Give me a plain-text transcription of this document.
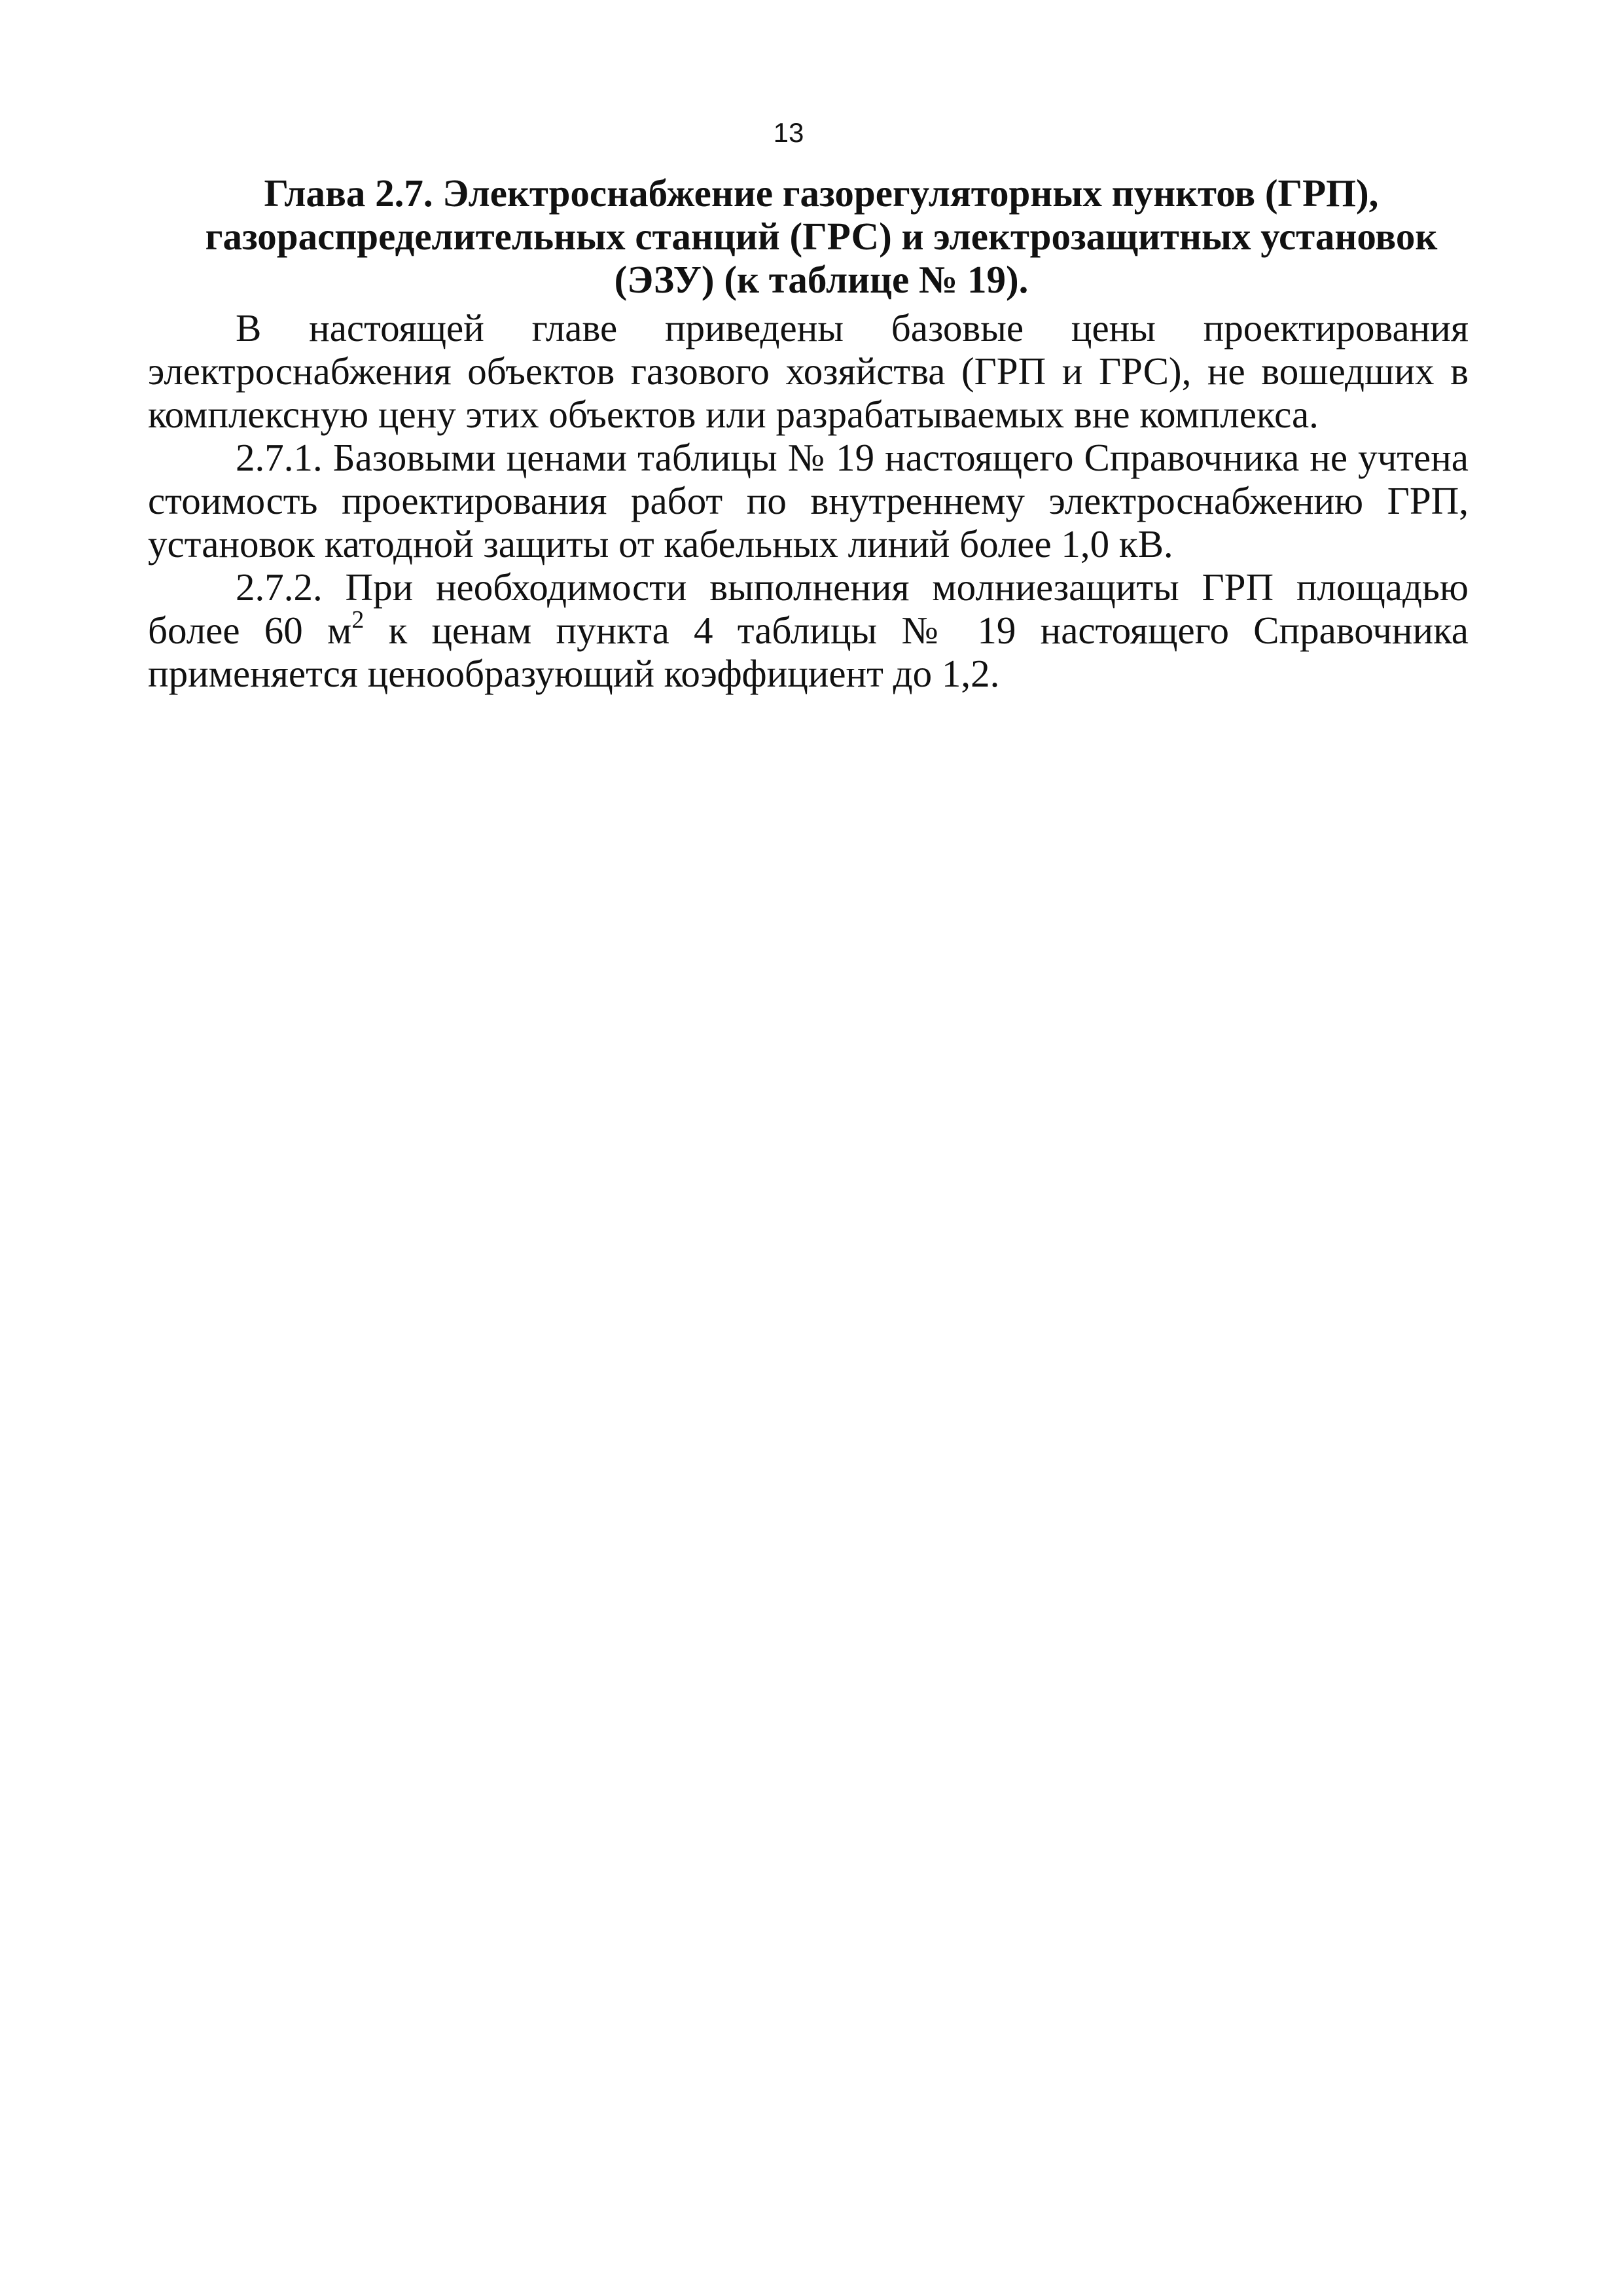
13
Глава 2.7. Электроснабжение газорегуляторных пунктов (ГРП),
газораспределительных станций (ГРС) и электрозащитных установок
(ЭЗУ) (к таблице № 19).

В настоящей главе приведены базовые цены проектирования электроснабжения объектов газового хозяйства (ГРП и ГРС), не вошедших в комплексную цену этих объектов или разрабатываемых вне комплекса.

2.7.1. Базовыми ценами таблицы № 19 настоящего Справочника не учтена стоимость проектирования работ по внутреннему электроснабжению ГРП, установок катодной защиты от кабельных линий более 1,0 кВ.

2.7.2. При необходимости выполнения молниезащиты ГРП площадью более 60 $м^2$ к ценам пункта 4 таблицы № 19 настоящего Справочника применяется ценообразующий коэффициент до 1,2.
